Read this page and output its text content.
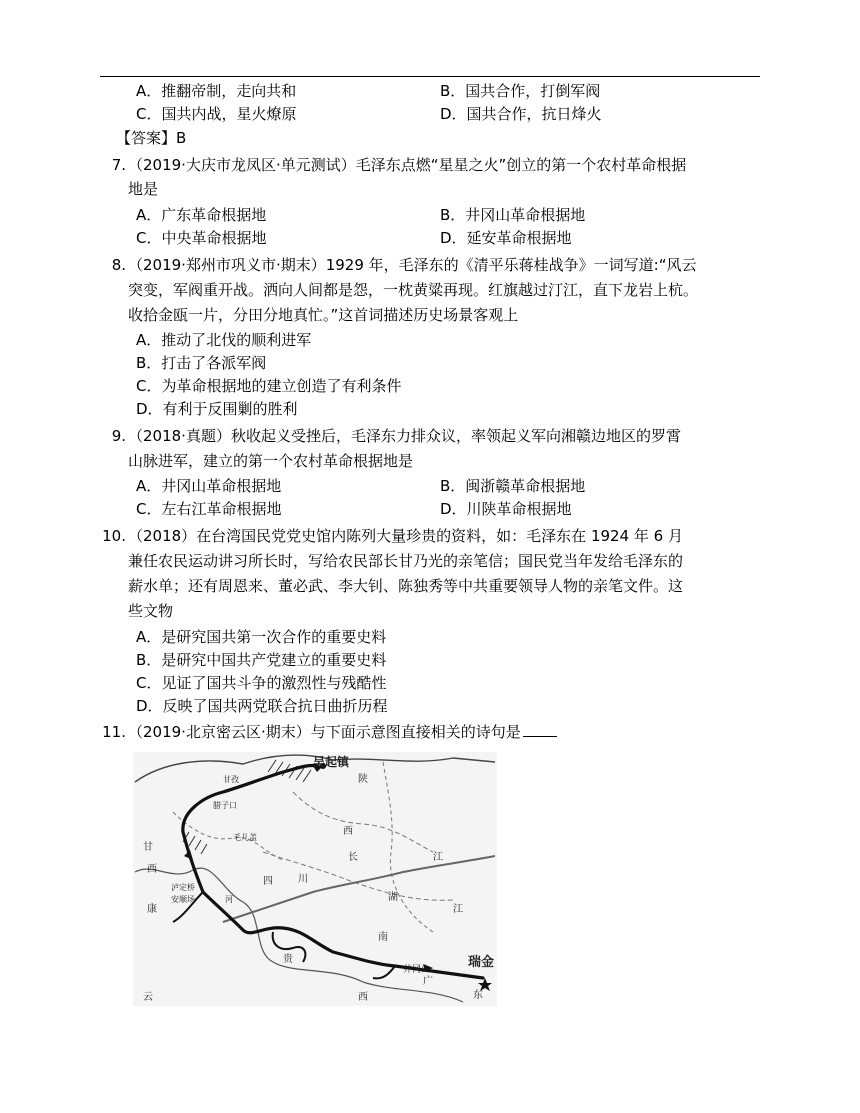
A．推翻帝制，走向共和	B．国共合作，打倒军阀
C．国共内战，星火燎原	D．国共合作，抗日烽火
【答案】B
7. （2019·大庆市龙凤区·单元测试）毛泽东点燃“星星之火”创立的第一个农村革命根据
地是
A．广东革命根据地	B．井冈山革命根据地
C．中央革命根据地	D．延安革命根据地
8. （2019·郑州市巩义市·期末）1929 年，毛泽东的《清平乐蒋桂战争》一词写道:“风云
突变，军阀重开战。洒向人间都是怨，一枕黄粱再现。红旗越过汀江，直下龙岩上杭。
收拾金瓯一片，分田分地真忙。”这首词描述历史场景客观上
A．推动了北伐的顺利进军
B．打击了各派军阀
C．为革命根据地的建立创造了有利条件
D．有利于反围剿的胜利
9. （2018·真题）秋收起义受挫后，毛泽东力排众议，率领起义军向湘赣边地区的罗霄
山脉进军，建立的第一个农村革命根据地是
A．井冈山革命根据地	B．闽浙赣革命根据地
C．左右江革命根据地	D．川陕革命根据地
10. （2018）在台湾国民党党史馆内陈列大量珍贵的资料，如：毛泽东在 1924 年 6 月
兼任农民运动讲习所长时，写给农民部长甘乃光的亲笔信；国民党当年发给毛泽东的
薪水单；还有周恩来、董必武、李大钊、陈独秀等中共重要领导人物的亲笔文件。这
些文物
A．是研究国共第一次合作的重要史料
B．是研究中国共产党建立的重要史料
C．见证了国共斗争的激烈性与残酷性
D．反映了国共两党联合抗日曲折历程
11. （2019·北京密云区·期末）与下面示意图直接相关的诗句是
吴起镇
陕
甘
西
四	川
长	江
湖
南
贵
云	西
广
东
井冈山	瑞金
甘孜
腊子口
毛儿盖
泸定桥
安顺场
西
康
河
江
